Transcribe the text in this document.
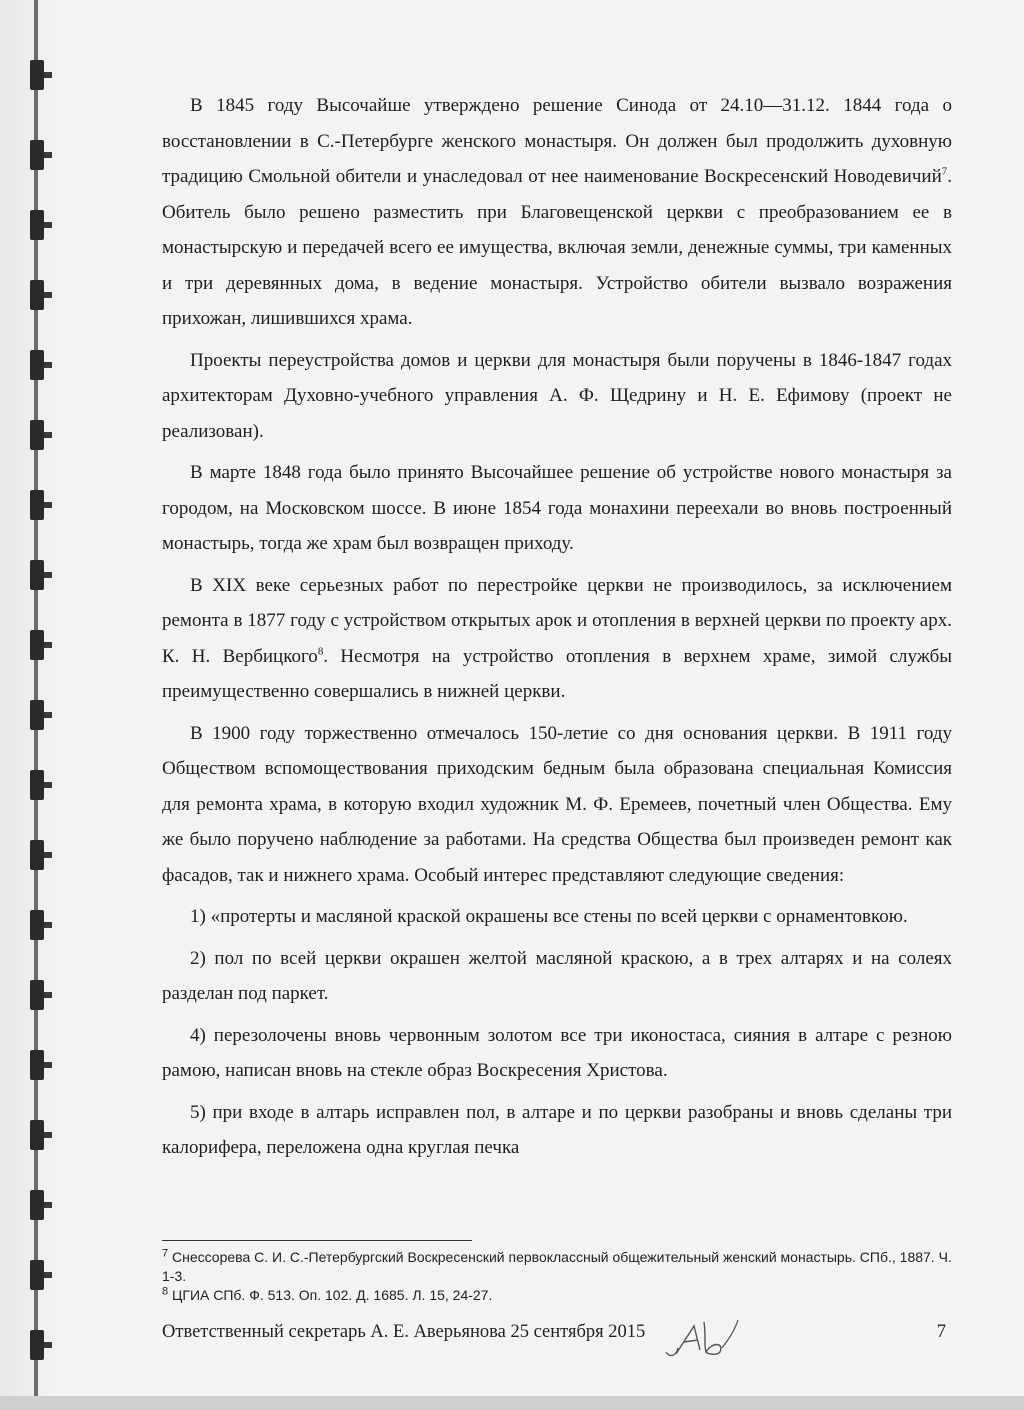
В 1845 году Высочайше утверждено решение Синода от 24.10—31.12. 1844 года о восстановлении в С.-Петербурге женского монастыря. Он должен был продолжить духовную традицию Смольной обители и унаследовал от нее наименование Воскресенский Новодевичий$^7$. Обитель было решено разместить при Благовещенской церкви с преобразованием ее в монастырскую и передачей всего ее имущества, включая земли, денежные суммы, три каменных и три деревянных дома, в ведение монастыря. Устройство обители вызвало возражения прихожан, лишившихся храма.

Проекты переустройства домов и церкви для монастыря были поручены в 1846-1847 годах архитекторам Духовно-учебного управления А. Ф. Щедрину и Н. Е. Ефимову (проект не реализован).

В марте 1848 года было принято Высочайшее решение об устройстве нового монастыря за городом, на Московском шоссе. В июне 1854 года монахини переехали во вновь построенный монастырь, тогда же храм был возвращен приходу.

В XIX веке серьезных работ по перестройке церкви не производилось, за исключением ремонта в 1877 году с устройством открытых арок и отопления в верхней церкви по проекту арх. К. Н. Вербицкого$^8$. Несмотря на устройство отопления в верхнем храме, зимой службы преимущественно совершались в нижней церкви.

В 1900 году торжественно отмечалось 150-летие со дня основания церкви. В 1911 году Обществом вспомоществования приходским бедным была образована специальная Комиссия для ремонта храма, в которую входил художник М. Ф. Еремеев, почетный член Общества. Ему же было поручено наблюдение за работами. На средства Общества был произведен ремонт как фасадов, так и нижнего храма. Особый интерес представляют следующие сведения:

1) «протерты и масляной краской окрашены все стены по всей церкви с орнаментовкою.

2) пол по всей церкви окрашен желтой масляной краскою, а в трех алтарях и на солеях разделан под паркет.

4) перезолочены вновь червонным золотом все три иконостаса, сияния в алтаре с резною рамою, написан вновь на стекле образ Воскресения Христова.

5) при входе в алтарь исправлен пол, в алтаре и по церкви разобраны и вновь сделаны три калорифера, переложена одна круглая печка

$^7$ Снессорева С. И. С.-Петербургский Воскресенский первоклассный общежительный женский монастырь. СПб., 1887. Ч. 1-3.

$^8$ ЦГИА СПб. Ф. 513. Оп. 102. Д. 1685. Л. 15, 24-27.

Ответственный секретарь А. Е. Аверьянова 25 сентября 2015	7
